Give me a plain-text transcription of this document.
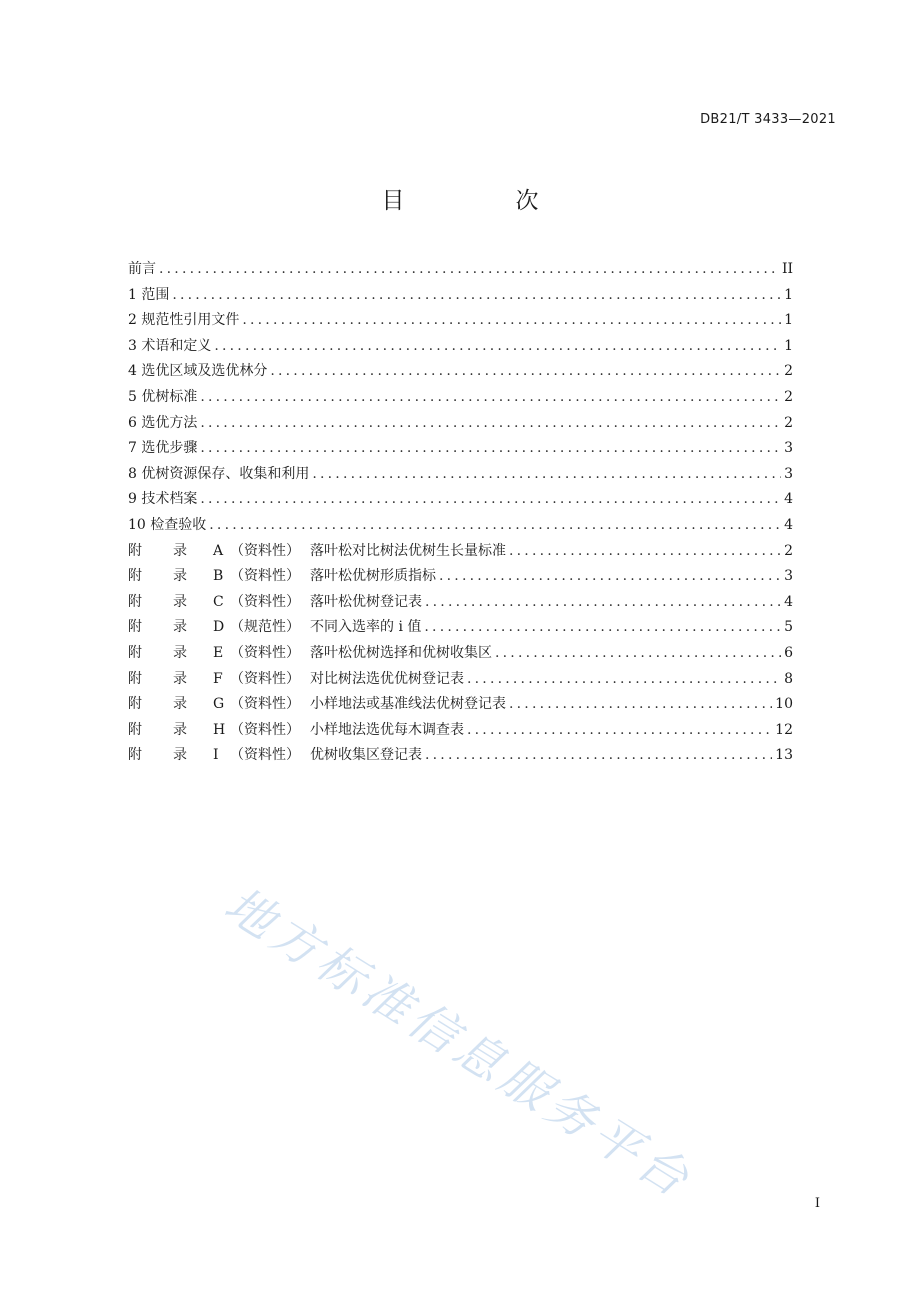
DB21/T 3433—2021
目　次
前言 .....	II
1 范围 .....	1
2 规范性引用文件 .....	1
3 术语和定义 .....	1
4 选优区域及选优林分 .....	2
5 优树标准 .....	2
6 选优方法 .....	2
7 选优步骤 .....	3
8 优树资源保存、收集和利用 .....	3
9 技术档案 .....	4
10 检查验收 .....	4
附 录 A （资料性） 落叶松对比树法优树生长量标准 .....	2
附 录 B （资料性） 落叶松优树形质指标 .....	3
附 录 C （资料性） 落叶松优树登记表 .....	4
附 录 D （规范性） 不同入选率的 i 值 .....	5
附 录 E （资料性） 落叶松优树选择和优树收集区 .....	6
附 录 F （资料性） 对比树法选优优树登记表 .....	8
附 录 G （资料性） 小样地法或基准线法优树登记表 .....	10
附 录 H （资料性） 小样地法选优每木调查表 .....	12
附 录 I （资料性） 优树收集区登记表 .....	13
地方标准信息服务平台	I
